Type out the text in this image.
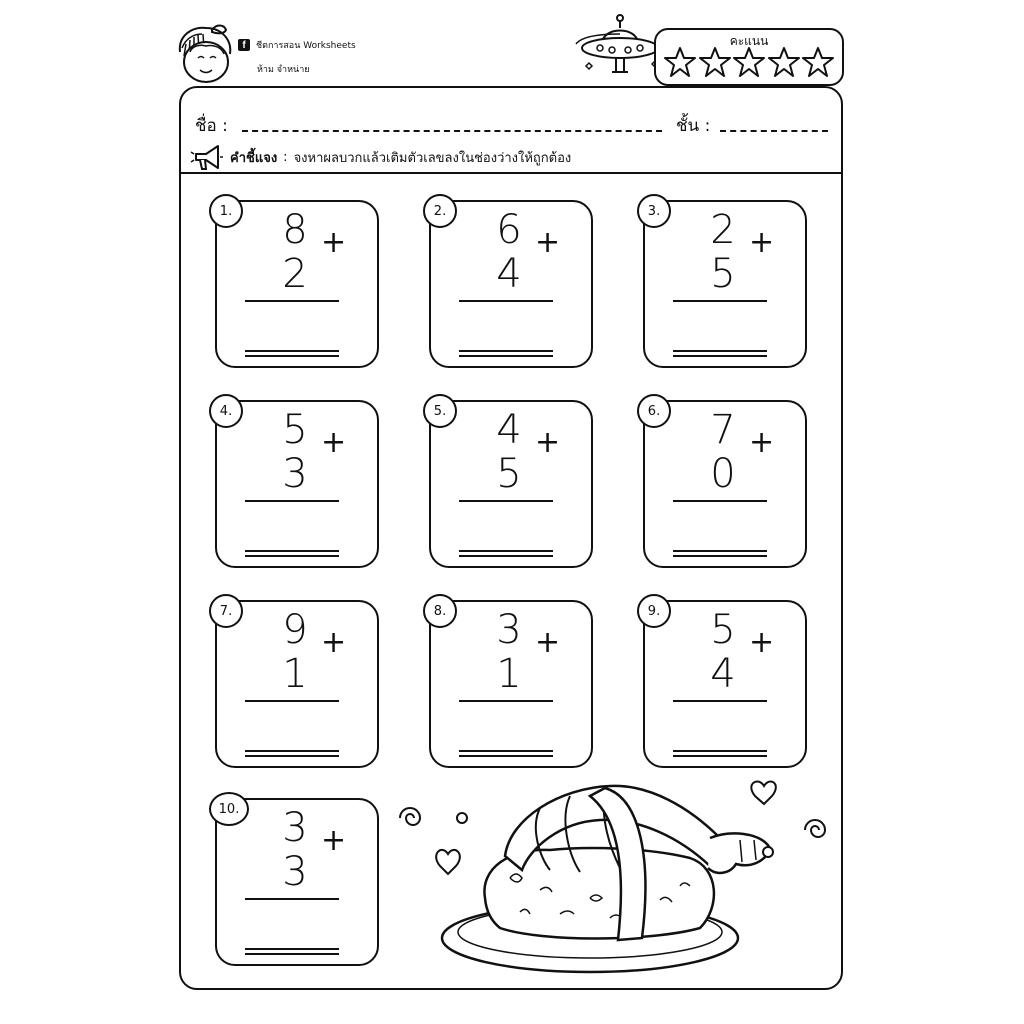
f	ชีตการสอน Worksheets
ห้าม จำหน่าย
คะแนน
ชื่อ :	ชั้น :
คำชี้แจง : จงหาผลบวกแล้วเติมตัวเลขลงในช่องว่างให้ถูกต้อง
1. 8 +
2
2. 6 +
4
3. 2 +
5
4. 5 +
3
5. 4 +
5
6. 7 +
0
7. 9 +
1
8. 3 +
1
9. 5 +
4
10. 3 +
3
